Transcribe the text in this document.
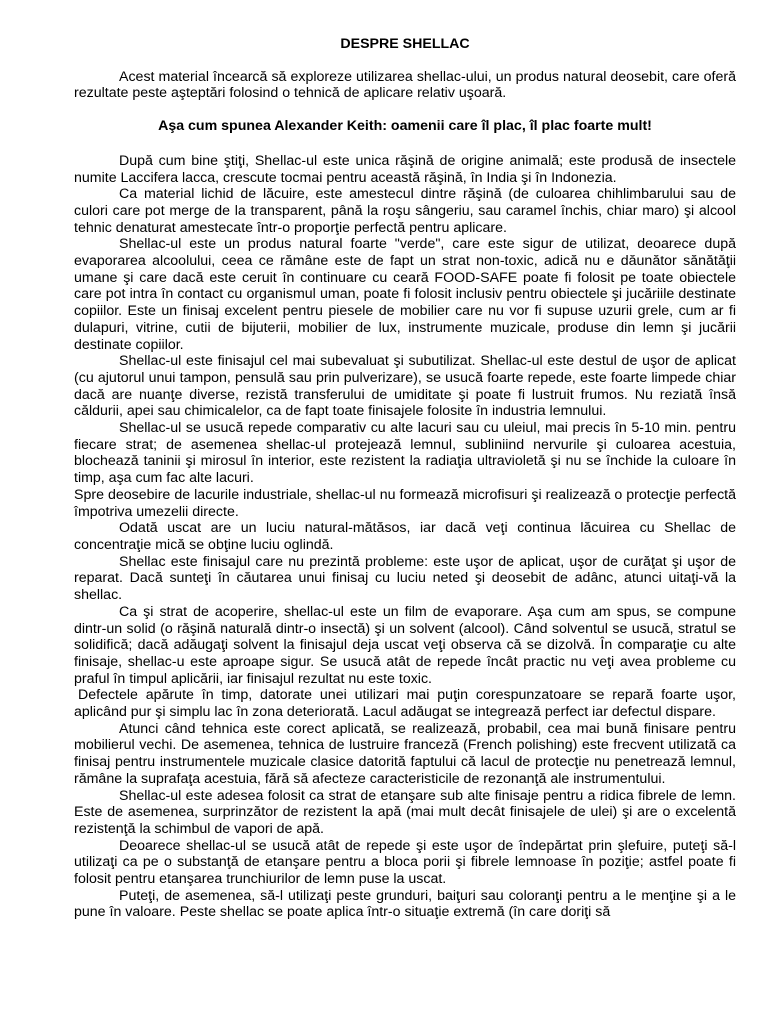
DESPRE SHELLAC

Acest material încearcă să exploreze utilizarea shellac-ului, un produs natural deosebit, care oferă rezultate peste aşteptări folosind o tehnică de aplicare relativ uşoară.

Aşa cum spunea Alexander Keith: oamenii care îl plac, îl plac foarte mult!

După cum bine ştiţi, Shellac-ul este unica răşină de origine animală; este produsă de insectele numite Laccifera lacca, crescute tocmai pentru această răşină, în India şi în Indonezia.

Ca material lichid de lăcuire, este amestecul dintre răşină (de culoarea chihlimbarului sau de culori care pot merge de la transparent, până la roşu sângeriu, sau caramel închis, chiar maro) şi alcool tehnic denaturat amestecate într-o proporţie perfectă pentru aplicare.

Shellac-ul este un produs natural foarte "verde", care este sigur de utilizat, deoarece după evaporarea alcoolului, ceea ce rămâne este de fapt un strat non-toxic, adică nu e dăunător sănătăţii umane şi care dacă este ceruit în continuare cu ceară FOOD-SAFE poate fi folosit pe toate obiectele care pot intra în contact cu organismul uman, poate fi folosit inclusiv pentru obiectele şi jucăriile destinate copiilor. Este un finisaj excelent pentru piesele de mobilier care nu vor fi supuse uzurii grele, cum ar fi dulapuri, vitrine, cutii de bijuterii, mobilier de lux, instrumente muzicale, produse din lemn şi jucării destinate copiilor.

Shellac-ul este finisajul cel mai subevaluat şi subutilizat. Shellac-ul este destul de uşor de aplicat (cu ajutorul unui tampon, pensulă sau prin pulverizare), se usucă foarte repede, este foarte limpede chiar dacă are nuanţe diverse, rezistă transferului de umiditate şi poate fi lustruit frumos. Nu reziată însă căldurii, apei sau chimicalelor, ca de fapt toate finisajele folosite în industria lemnului.

Shellac-ul se usucă repede comparativ cu alte lacuri sau cu uleiul, mai precis în 5-10 min. pentru fiecare strat; de asemenea shellac-ul protejează lemnul, subliniind nervurile şi culoarea acestuia, blochează taninii şi mirosul în interior, este rezistent la radiaţia ultravioletă şi nu se închide la culoare în timp, aşa cum fac alte lacuri.

Spre deosebire de lacurile industriale, shellac-ul nu formează microfisuri şi realizează o protecţie perfectă împotriva umezelii directe.

Odată uscat are un luciu natural-mătăsos, iar dacă veţi continua lăcuirea cu Shellac de concentraţie mică se obţine luciu oglindă.

Shellac este finisajul care nu prezintă probleme: este uşor de aplicat, uşor de curăţat şi uşor de reparat. Dacă sunteţi în căutarea unui finisaj cu luciu neted şi deosebit de adânc, atunci uitaţi-vă la shellac.

Ca şi strat de acoperire, shellac-ul este un film de evaporare. Aşa cum am spus, se compune dintr-un solid (o răşină naturală dintr-o insectă) şi un solvent (alcool). Când solventul se usucă, stratul se solidifică; dacă adăugaţi solvent la finisajul deja uscat veţi observa că se dizolvă. În comparaţie cu alte finisaje, shellac-u este aproape sigur. Se usucă atât de repede încât practic nu veţi avea probleme cu praful în timpul aplicării, iar finisajul rezultat nu este toxic.

Defectele apărute în timp, datorate unei utilizari mai puţin corespunzatoare se repară foarte uşor, aplicând pur şi simplu lac în zona deteriorată. Lacul adăugat se integrează perfect iar defectul dispare.

Atunci când tehnica este corect aplicată, se realizează, probabil, cea mai bună finisare pentru mobilierul vechi. De asemenea, tehnica de lustruire franceză (French polishing) este frecvent utilizată ca finisaj pentru instrumentele muzicale clasice datorită faptului că lacul de protecţie nu penetrează lemnul, rămâne la suprafaţa acestuia, fără să afecteze caracteristicile de rezonanţă ale instrumentului.

Shellac-ul este adesea folosit ca strat de etanşare sub alte finisaje pentru a ridica fibrele de lemn. Este de asemenea, surprinzător de rezistent la apă (mai mult decât finisajele de ulei) şi are o excelentă rezistenţă la schimbul de vapori de apă.

Deoarece shellac-ul se usucă atât de repede şi este uşor de îndepărtat prin şlefuire, puteţi să-l utilizaţi ca pe o substanţă de etanşare pentru a bloca porii şi fibrele lemnoase în poziţie; astfel poate fi folosit pentru etanşarea trunchiurilor de lemn puse la uscat.

Puteţi, de asemenea, să-l utilizaţi peste grunduri, baiţuri sau coloranţi pentru a le menţine şi a le pune în valoare. Peste shellac se poate aplica într-o situaţie extremă (în care doriţi să
